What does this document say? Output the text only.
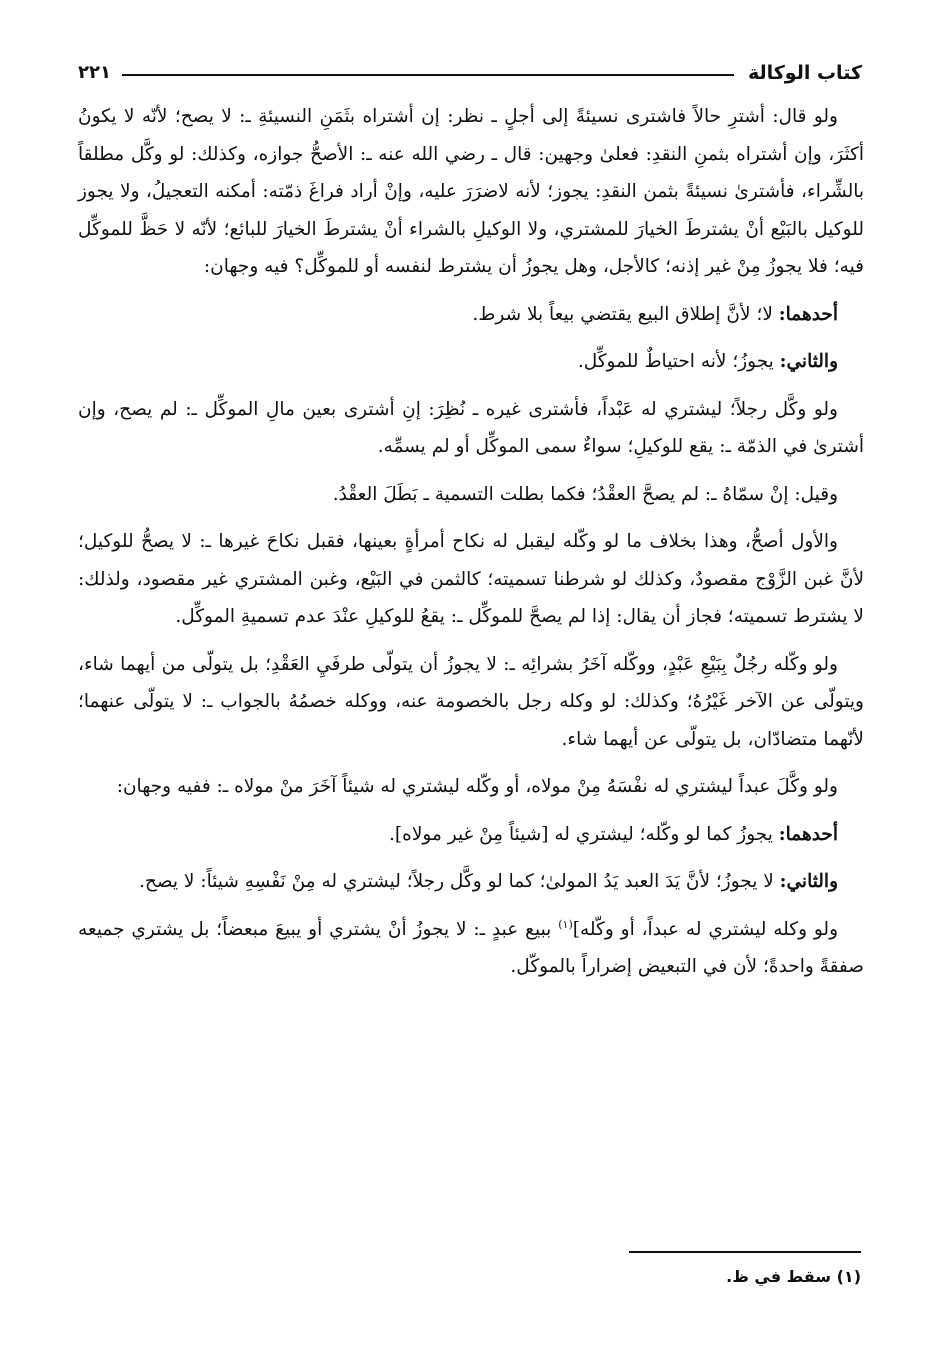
كتاب الوكالة
٢٢١

ولو قال: أشترِ حالاً فاشترى نسيئةً إلى أجلٍ ـ نظر: إن أشتراه بثَمَنِ النسيئةِ ـ: لا يصح؛ لأنّه لا يكونُ أكثَرَ، وإن أشتراه بثمنِ النقدِ: فعلىٰ وجهين: قال ـ رضي الله عنه ـ: الأصحُّ جوازه، وكذلك: لو وكَّل مطلقاً بالشِّراء، فأشترىٰ نسيئةً بثمن النقدِ: يجوز؛ لأنه لاضرَرَ عليه، وإنْ أراد فراغَ ذمّته: أمكنه التعجيلُ، ولا يجوز للوكيل بالبَيْع أنْ يشترطَ الخيارَ للمشتري، ولا الوكيلِ بالشراء أنْ يشترطَ الخيارَ للبائع؛ لأنّه لا حَظَّ للموكِّل فيه؛ فلا يجوزُ مِنْ غير إذنه؛ كالأجل، وهل يجوزُ أن يشترط لنفسه أو للموكِّل؟ فيه وجهان:

أحدهما: لا؛ لأنَّ إطلاق البيع يقتضي بيعاً بلا شرط.

والثاني: يجوزُ؛ لأنه احتياطٌ للموكِّل.

ولو وكَّل رجلاً؛ ليشتري له عَبْداً، فأشترى غيره ـ نُظِرَ: إنِ أشترى بعين مالِ الموكِّل ـ: لم يصح، وإن أشترىٰ في الذمّة ـ: يقع للوكيلِ؛ سواءٌ سمى الموكِّل أو لم يسمِّه.

وقيل: إنْ سمّاهُ ـ: لم يصحَّ العقْدُ؛ فكما بطلت التسمية ـ بَطَلَ العقْدُ.

والأول أصحُّ، وهذا بخلاف ما لو وكّله ليقبل له نكاح أمرأةٍ بعينها، فقبل نكاحَ غيرها ـ: لا يصحُّ للوكيل؛ لأنَّ غبن الزَّوْج مقصودٌ، وكذلك لو شرطنا تسميته؛ كالثمن في البَيْع، وغبن المشتري غير مقصود، ولذلك: لا يشترط تسميته؛ فجاز أن يقال: إذا لم يصحَّ للموكِّل ـ: يقعُ للوكيلِ عنْدَ عدم تسميةِ الموكِّل.

ولو وكّله رجُلٌ بِبَيْعِ عَبْدٍ، ووكّله آخَرُ بشرائِه ـ: لا يجوزُ أن يتولّى طرفَيِ العَقْدِ؛ بل يتولّى من أيهما شاء، ويتولّى عن الآخر غَيْرُهُ؛ وكذلك: لو وكله رجل بالخصومة عنه، ووكله خصمُهُ بالجواب ـ: لا يتولّى عنهما؛ لأنّهما متضادّان، بل يتولّى عن أيهما شاء.

ولو وكَّلَ عبداً ليشتري له نفْسَهُ مِنْ مولاه، أو وكّله ليشتري له شيئاً آخَرَ منْ مولاه ـ: ففيه وجهان:

أحدهما: يجوزُ كما لو وكّله؛ ليشتري له [شيئاً مِنْ غير مولاه].

والثاني: لا يجوزُ؛ لأنَّ يَدَ العبد يَدُ المولىٰ؛ كما لو وكَّل رجلاً؛ ليشتري له مِنْ نَفْسِهِ شيئاً: لا يصح.

ولو وكله ليشتري له عبداً، أو وكّله]$^{(١)}$ ببيع عبدٍ ـ: لا يجوزُ أنْ يشتري أو يبيعَ مبعضاً؛ بل يشتري جميعه صفقةً واحدةً؛ لأن في التبعيض إضراراً بالموكّل.

(١) سقط في ظ.
